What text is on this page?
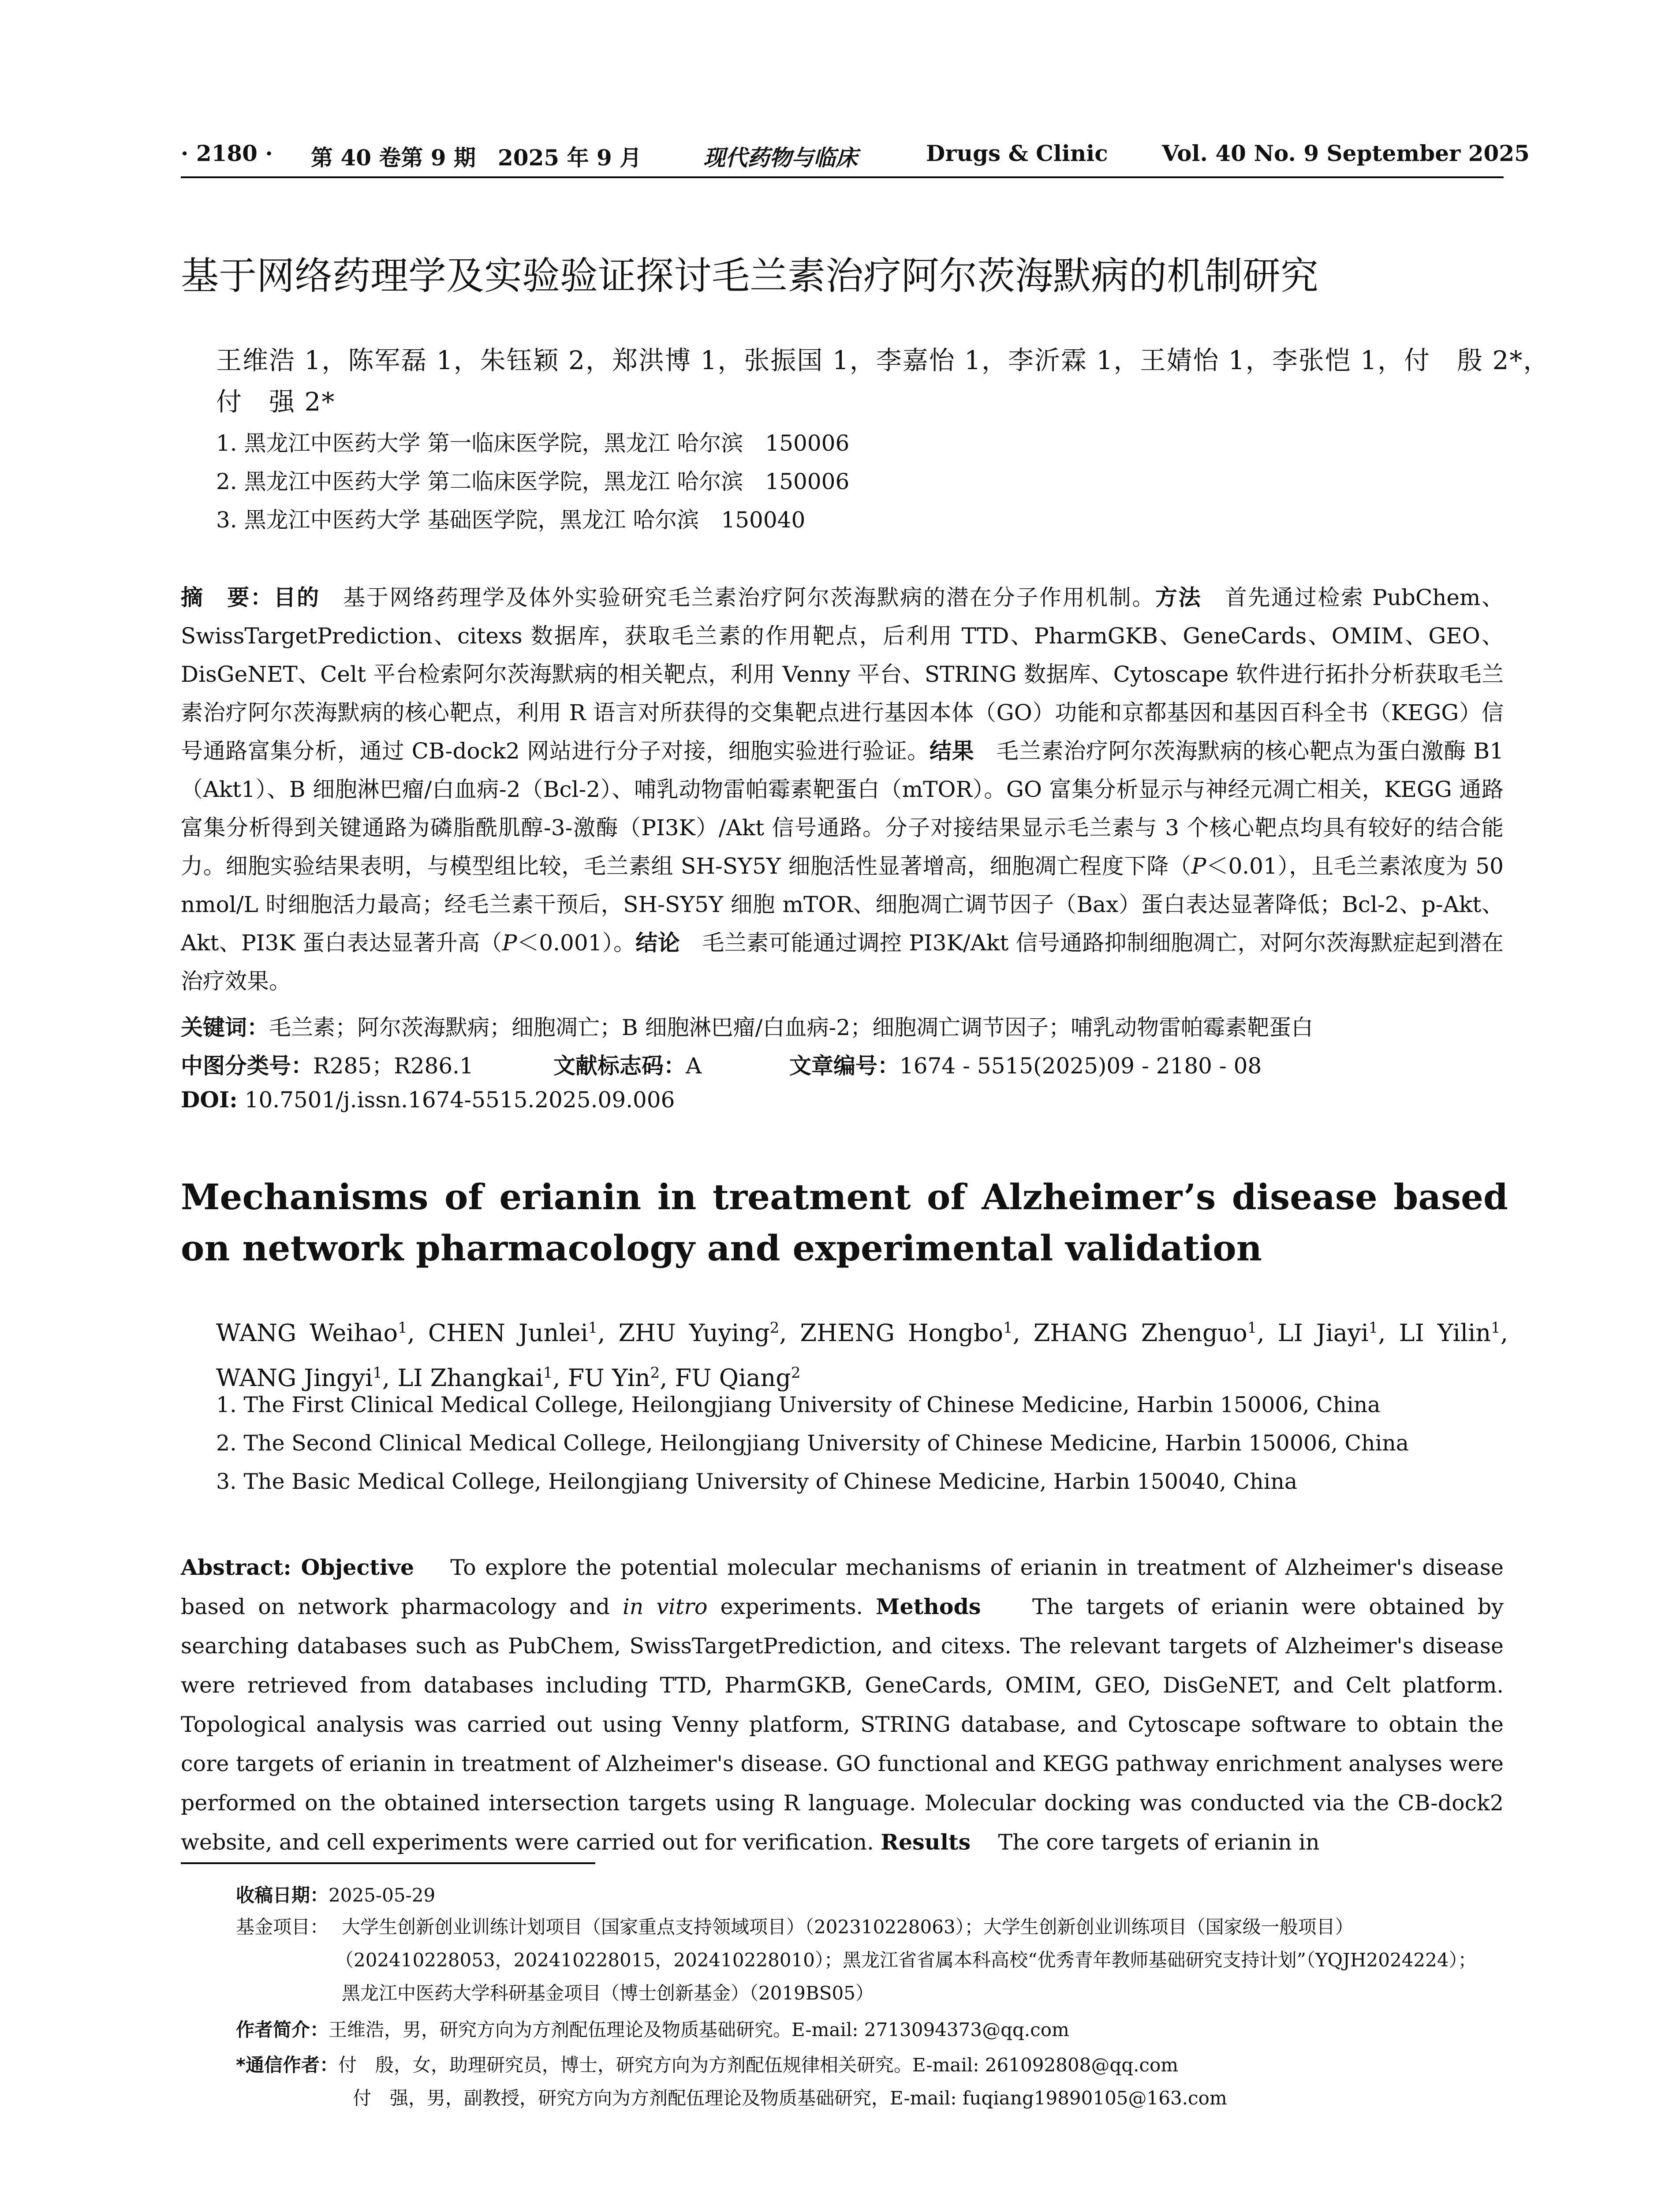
· 2180 · 第 40 卷第 9 期　2025 年 9 月	现代药物与临床	Drugs & Clinic Vol. 40 No. 9 September 2025
基于网络药理学及实验验证探讨毛兰素治疗阿尔茨海默病的机制研究
王维浩 1，陈军磊 1，朱钰颖 2，郑洪博 1，张振国 1，李嘉怡 1，李沂霖 1，王婧怡 1，李张恺 1，付　殷 2*，
付　强 2*
1. 黑龙江中医药大学 第一临床医学院，黑龙江 哈尔滨　150006
2. 黑龙江中医药大学 第二临床医学院，黑龙江 哈尔滨　150006
3. 黑龙江中医药大学 基础医学院，黑龙江 哈尔滨　150040
摘　要：目的　 基于网络药理学及体外实验研究毛兰素治疗阿尔茨海默病的潜在分子作用机制。方法　 首先通过检索 PubChem、SwissTargetPrediction、citexs 数据库，获取毛兰素的作用靶点，后利用 TTD、PharmGKB、GeneCards、OMIM、GEO、DisGeNET、Celt 平台检索阿尔茨海默病的相关靶点，利用 Venny 平台、STRING 数据库、Cytoscape 软件进行拓扑分析获取毛兰素治疗阿尔茨海默病的核心靶点，利用 R 语言对所获得的交集靶点进行基因本体（GO）功能和京都基因和基因百科全书（KEGG）信号通路富集分析，通过 CB-dock2 网站进行分子对接，细胞实验进行验证。结果　 毛兰素治疗阿尔茨海默病的核心靶点为蛋白激酶 B1（Akt1）、B 细胞淋巴瘤/白血病-2（Bcl-2）、哺乳动物雷帕霉素靶蛋白（mTOR）。GO 富集分析显示与神经元凋亡相关，KEGG 通路富集分析得到关键通路为磷脂酰肌醇-3-激酶（PI3K）/Akt 信号通路。分子对接结果显示毛兰素与 3 个核心靶点均具有较好的结合能力。细胞实验结果表明，与模型组比较，毛兰素组 SH-SY5Y 细胞活性显著增高，细胞凋亡程度下降（P＜0.01），且毛兰素浓度为 50 nmol/L 时细胞活力最高；经毛兰素干预后，SH-SY5Y 细胞 mTOR、细胞凋亡调节因子（Bax）蛋白表达显著降低；Bcl-2、p-Akt、Akt、PI3K 蛋白表达显著升高（P＜0.001）。结论　 毛兰素可能通过调控 PI3K/Akt 信号通路抑制细胞凋亡，对阿尔茨海默症起到潜在治疗效果。
关键词：毛兰素；阿尔茨海默病；细胞凋亡；B 细胞淋巴瘤/白血病-2；细胞凋亡调节因子；哺乳动物雷帕霉素靶蛋白
中图分类号：R285；R286.1	文献标志码：A	文章编号：1674 - 5515(2025)09 - 2180 - 08
DOI: 10.7501/j.issn.1674-5515.2025.09.006
Mechanisms of erianin in treatment of Alzheimer’s disease based on network pharmacology and experimental validation
WANG Weihao$^1$, CHEN Junlei$^1$, ZHU Yuying$^2$, ZHENG Hongbo$^1$, ZHANG Zhenguo$^1$, LI Jiayi$^1$, LI Yilin$^1$, WANG Jingyi$^1$, LI Zhangkai$^1$, FU Yin$^2$, FU Qiang$^2$
1. The First Clinical Medical College, Heilongjiang University of Chinese Medicine, Harbin 150006, China
2. The Second Clinical Medical College, Heilongjiang University of Chinese Medicine, Harbin 150006, China
3. The Basic Medical College, Heilongjiang University of Chinese Medicine, Harbin 150040, China
Abstract: Objective To explore the potential molecular mechanisms of erianin in treatment of Alzheimer's disease based on network pharmacology and in vitro experiments. Methods The targets of erianin were obtained by searching databases such as PubChem, SwissTargetPrediction, and citexs. The relevant targets of Alzheimer's disease were retrieved from databases including TTD, PharmGKB, GeneCards, OMIM, GEO, DisGeNET, and Celt platform. Topological analysis was carried out using Venny platform, STRING database, and Cytoscape software to obtain the core targets of erianin in treatment of Alzheimer's disease. GO functional and KEGG pathway enrichment analyses were performed on the obtained intersection targets using R language. Molecular docking was conducted via the CB-dock2 website, and cell experiments were carried out for verification. Results The core targets of erianin in
收稿日期：2025-05-29
基金项目： 大学生创新创业训练计划项目（国家重点支持领域项目）（202310228063）；大学生创新创业训练项目（国家级一般项目）
（202410228053，202410228015，202410228010）；黑龙江省省属本科高校“优秀青年教师基础研究支持计划”（YQJH2024224）；
黑龙江中医药大学科研基金项目（博士创新基金）（2019BS05）
作者简介：王维浩，男，研究方向为方剂配伍理论及物质基础研究。E-mail: 2713094373@qq.com
*通信作者：付　殷，女，助理研究员，博士，研究方向为方剂配伍规律相关研究。E-mail: 261092808@qq.com
付　强，男，副教授，研究方向为方剂配伍理论及物质基础研究，E-mail: fuqiang19890105@163.com
